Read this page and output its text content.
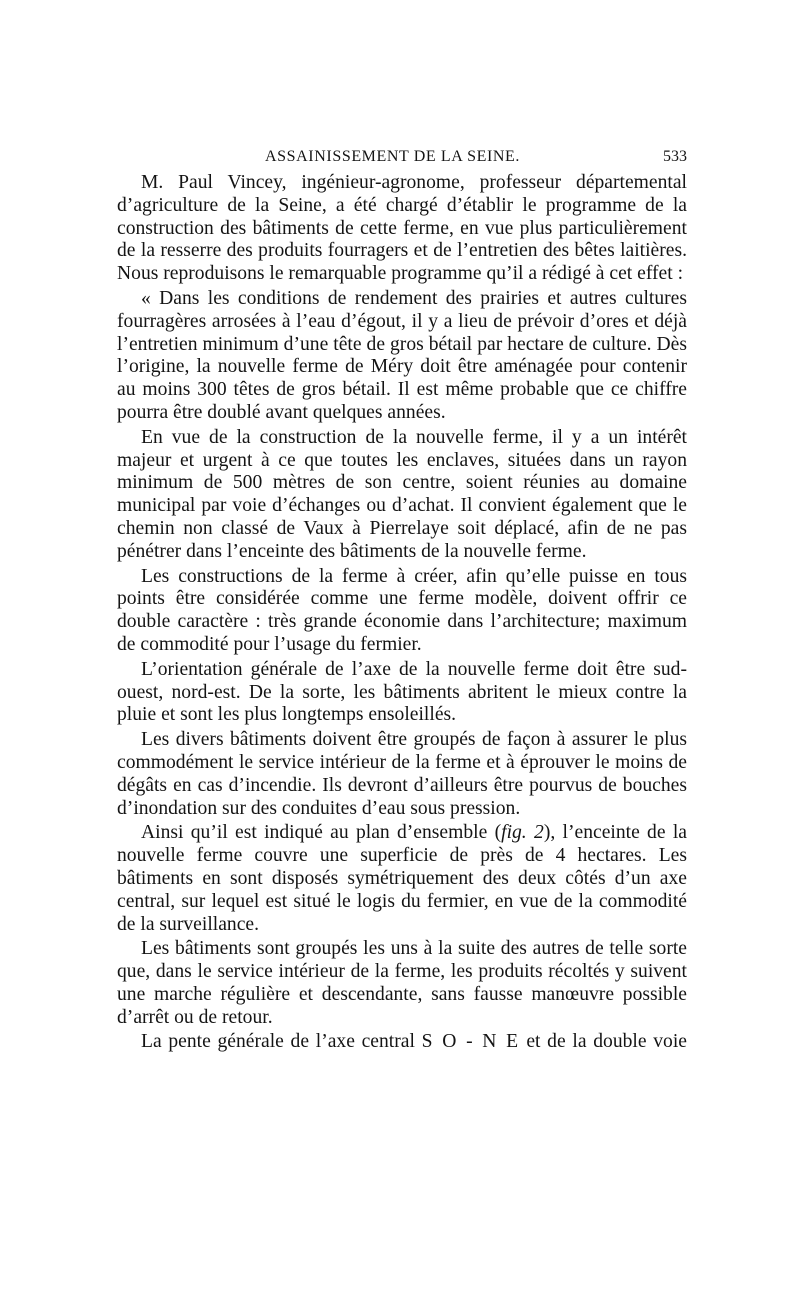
ASSAINISSEMENT DE LA SEINE.	533

M. Paul Vincey, ingénieur-agronome, professeur départemental d’agriculture de la Seine, a été chargé d’établir le programme de la construction des bâtiments de cette ferme, en vue plus particulièrement de la resserre des produits fourragers et de l’entretien des bêtes laitières. Nous reproduisons le remarquable programme qu’il a rédigé à cet effet :

« Dans les conditions de rendement des prairies et autres cultures fourragères arrosées à l’eau d’égout, il y a lieu de prévoir d’ores et déjà l’entretien minimum d’une tête de gros bétail par hectare de culture. Dès l’origine, la nouvelle ferme de Méry doit être aménagée pour contenir au moins 300 têtes de gros bétail. Il est même probable que ce chiffre pourra être doublé avant quelques années.

En vue de la construction de la nouvelle ferme, il y a un intérêt majeur et urgent à ce que toutes les enclaves, situées dans un rayon minimum de 500 mètres de son centre, soient réunies au domaine municipal par voie d’échanges ou d’achat. Il convient également que le chemin non classé de Vaux à Pierrelaye soit déplacé, afin de ne pas pénétrer dans l’enceinte des bâtiments de la nouvelle ferme.

Les constructions de la ferme à créer, afin qu’elle puisse en tous points être considérée comme une ferme modèle, doivent offrir ce double caractère : très grande économie dans l’architecture; maximum de commodité pour l’usage du fermier.

L’orientation générale de l’axe de la nouvelle ferme doit être sud-ouest, nord-est. De la sorte, les bâtiments abritent le mieux contre la pluie et sont les plus longtemps ensoleillés.

Les divers bâtiments doivent être groupés de façon à assurer le plus commodément le service intérieur de la ferme et à éprouver le moins de dégâts en cas d’incendie. Ils devront d’ailleurs être pourvus de bouches d’inondation sur des conduites d’eau sous pression.

Ainsi qu’il est indiqué au plan d’ensemble (fig. 2), l’enceinte de la nouvelle ferme couvre une superficie de près de 4 hectares. Les bâtiments en sont disposés symétriquement des deux côtés d’un axe central, sur lequel est situé le logis du fermier, en vue de la commodité de la surveillance.

Les bâtiments sont groupés les uns à la suite des autres de telle sorte que, dans le service intérieur de la ferme, les produits récoltés y suivent une marche régulière et descendante, sans fausse manœuvre possible d’arrêt ou de retour.

La pente générale de l’axe central S O - N E et de la double voie
